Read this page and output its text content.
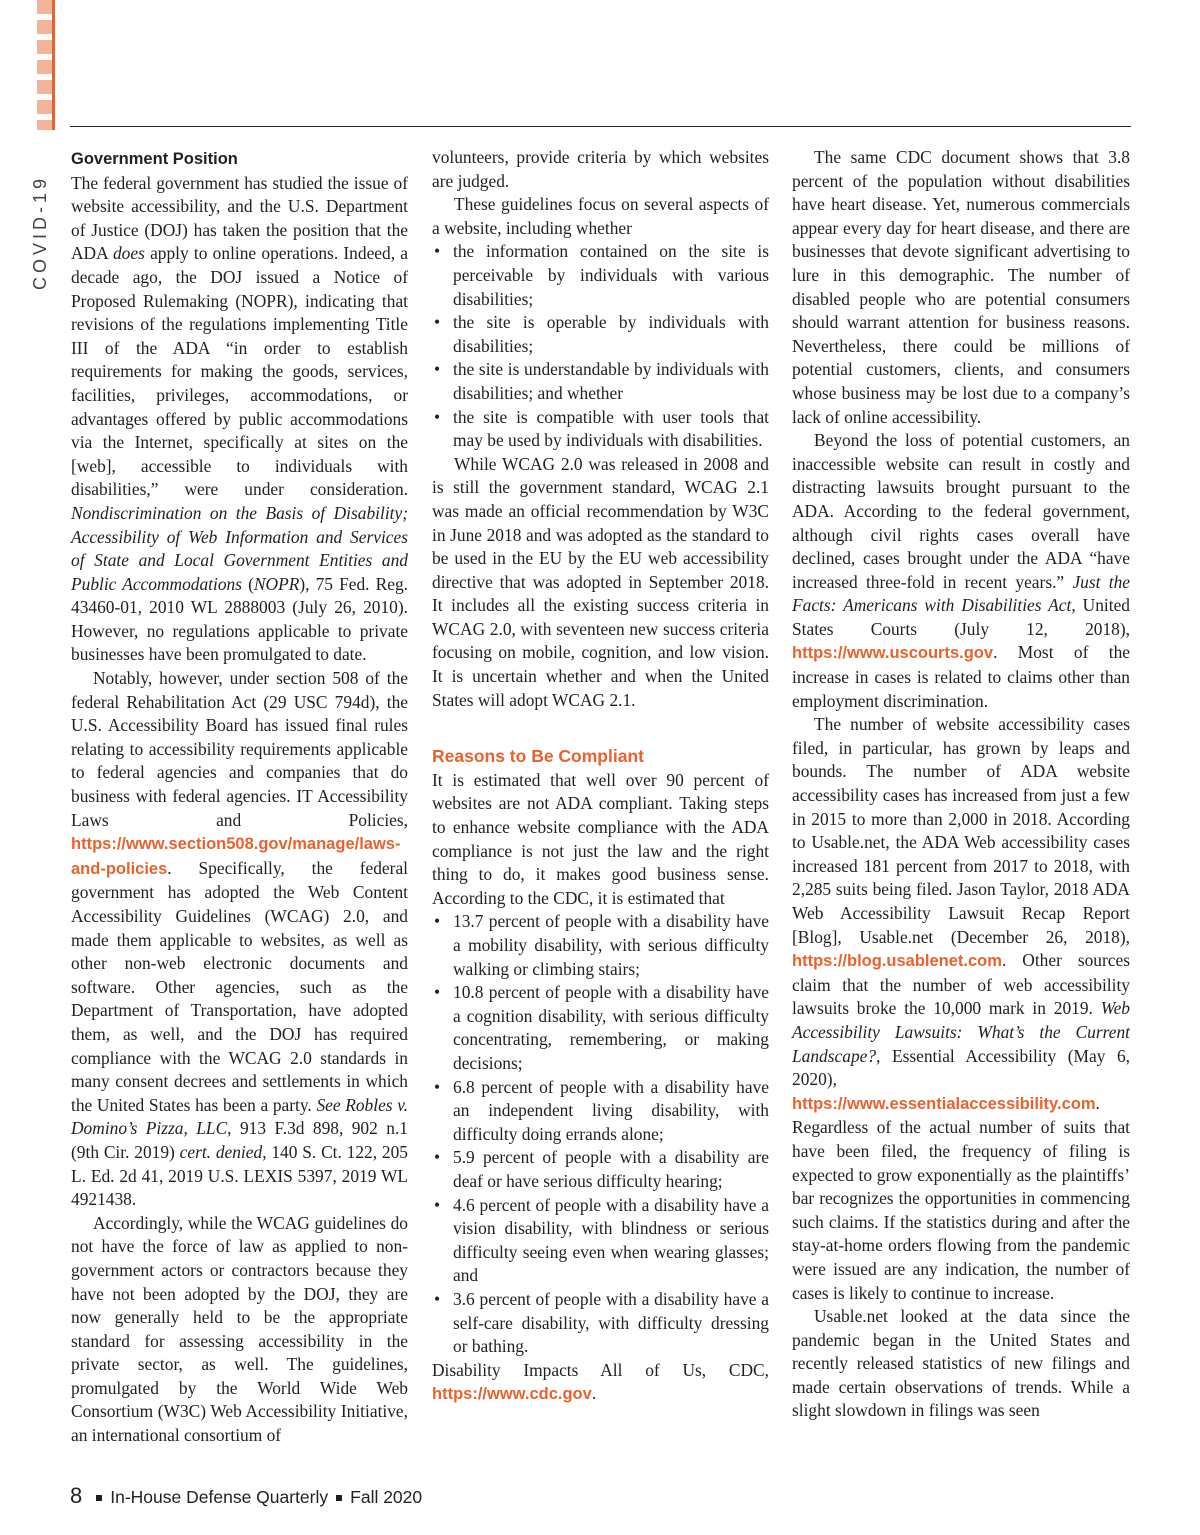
COVID-19
Government Position

The federal government has studied the issue of website accessibility, and the U.S. Department of Justice (DOJ) has taken the position that the ADA does apply to online operations. Indeed, a decade ago, the DOJ issued a Notice of Proposed Rulemaking (NOPR), indicating that revisions of the regulations implementing Title III of the ADA “in order to establish requirements for making the goods, services, facilities, privileges, accommodations, or advantages offered by public accommodations via the Internet, specifically at sites on the [web], accessible to individuals with disabilities,” were under consideration. Nondiscrimination on the Basis of Disability; Accessibility of Web Information and Services of State and Local Government Entities and Public Accommodations (NOPR), 75 Fed. Reg. 43460-01, 2010 WL 2888003 (July 26, 2010). However, no regulations applicable to private businesses have been promulgated to date.

Notably, however, under section 508 of the federal Rehabilitation Act (29 USC 794d), the U.S. Accessibility Board has issued final rules relating to accessibility requirements applicable to federal agencies and companies that do business with federal agencies. IT Accessibility Laws and Policies, https://www.section508.gov/manage/laws-and-policies. Specifically, the federal government has adopted the Web Content Accessibility Guidelines (WCAG) 2.0, and made them applicable to websites, as well as other non-web electronic documents and software. Other agencies, such as the Department of Transportation, have adopted them, as well, and the DOJ has required compliance with the WCAG 2.0 standards in many consent decrees and settlements in which the United States has been a party. See Robles v. Domino’s Pizza, LLC, 913 F.3d 898, 902 n.1 (9th Cir. 2019) cert. denied, 140 S. Ct. 122, 205 L. Ed. 2d 41, 2019 U.S. LEXIS 5397, 2019 WL 4921438.

Accordingly, while the WCAG guidelines do not have the force of law as applied to non-government actors or contractors because they have not been adopted by the DOJ, they are now generally held to be the appropriate standard for assessing accessibility in the private sector, as well. The guidelines, promulgated by the World Wide Web Consortium (W3C) Web Accessibility Initiative, an international consortium of

volunteers, provide criteria by which websites are judged.

These guidelines focus on several aspects of a website, including whether

• the information contained on the site is perceivable by individuals with various disabilities;
• the site is operable by individuals with disabilities;
• the site is understandable by individuals with disabilities; and whether
• the site is compatible with user tools that may be used by individuals with disabilities.

While WCAG 2.0 was released in 2008 and is still the government standard, WCAG 2.1 was made an official recommendation by W3C in June 2018 and was adopted as the standard to be used in the EU by the EU web accessibility directive that was adopted in September 2018. It includes all the existing success criteria in WCAG 2.0, with seventeen new success criteria focusing on mobile, cognition, and low vision. It is uncertain whether and when the United States will adopt WCAG 2.1.

Reasons to Be Compliant

It is estimated that well over 90 percent of websites are not ADA compliant. Taking steps to enhance website compliance with the ADA compliance is not just the law and the right thing to do, it makes good business sense. According to the CDC, it is estimated that

• 13.7 percent of people with a disability have a mobility disability, with serious difficulty walking or climbing stairs;
• 10.8 percent of people with a disability have a cognition disability, with serious difficulty concentrating, remembering, or making decisions;
• 6.8 percent of people with a disability have an independent living disability, with difficulty doing errands alone;
• 5.9 percent of people with a disability are deaf or have serious difficulty hearing;
• 4.6 percent of people with a disability have a vision disability, with blindness or serious difficulty seeing even when wearing glasses; and
• 3.6 percent of people with a disability have a self-care disability, with difficulty dressing or bathing.

Disability Impacts All of Us, CDC, https://www.cdc.gov.

The same CDC document shows that 3.8 percent of the population without disabilities have heart disease. Yet, numerous commercials appear every day for heart disease, and there are businesses that devote significant advertising to lure in this demographic. The number of disabled people who are potential consumers should warrant attention for business reasons. Nevertheless, there could be millions of potential customers, clients, and consumers whose business may be lost due to a company’s lack of online accessibility.

Beyond the loss of potential customers, an inaccessible website can result in costly and distracting lawsuits brought pursuant to the ADA. According to the federal government, although civil rights cases overall have declined, cases brought under the ADA “have increased three-fold in recent years.” Just the Facts: Americans with Disabilities Act, United States Courts (July 12, 2018), https://www.uscourts.gov. Most of the increase in cases is related to claims other than employment discrimination.

The number of website accessibility cases filed, in particular, has grown by leaps and bounds. The number of ADA website accessibility cases has increased from just a few in 2015 to more than 2,000 in 2018. According to Usable.net, the ADA Web accessibility cases increased 181 percent from 2017 to 2018, with 2,285 suits being filed. Jason Taylor, 2018 ADA Web Accessibility Lawsuit Recap Report [Blog], Usable.net (December 26, 2018), https://blog.usablenet.com. Other sources claim that the number of web accessibility lawsuits broke the 10,000 mark in 2019. Web Accessibility Lawsuits: What’s the Current Landscape?, Essential Accessibility (May 6, 2020), https://www.essentialaccessibility.com. Regardless of the actual number of suits that have been filed, the frequency of filing is expected to grow exponentially as the plaintiffs’ bar recognizes the opportunities in commencing such claims. If the statistics during and after the stay-at-home orders flowing from the pandemic were issued are any indication, the number of cases is likely to continue to increase.

Usable.net looked at the data since the pandemic began in the United States and recently released statistics of new filings and made certain observations of trends. While a slight slowdown in filings was seen

8 In-House Defense Quarterly Fall 2020
